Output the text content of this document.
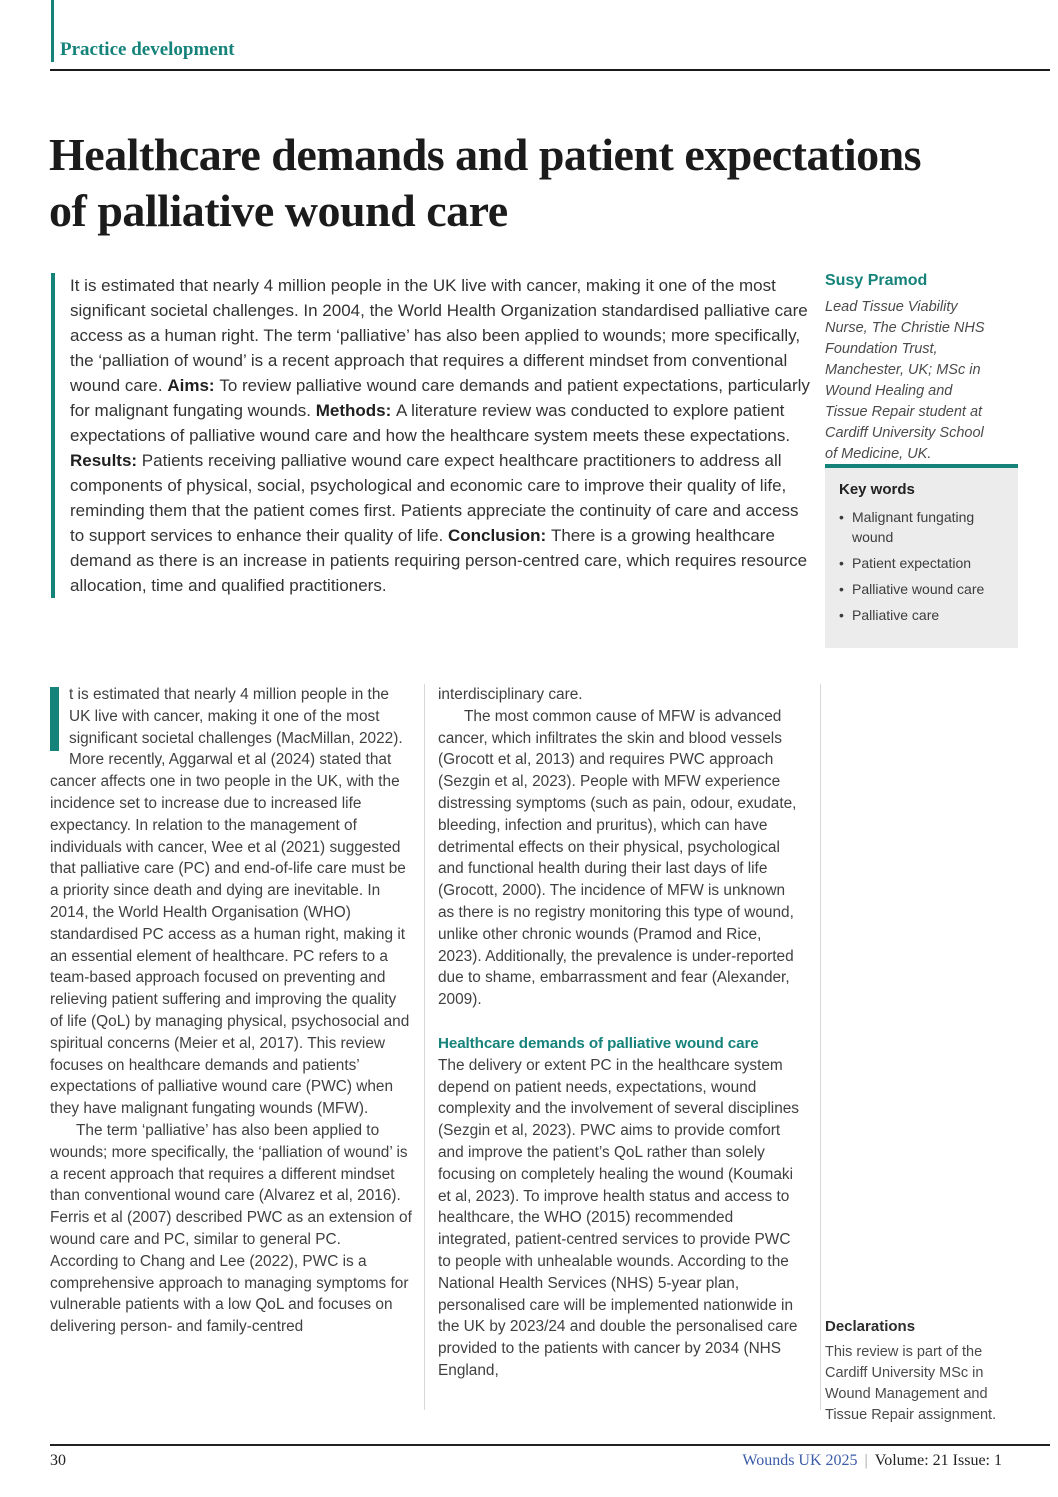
Practice development
Healthcare demands and patient expectations of palliative wound care
It is estimated that nearly 4 million people in the UK live with cancer, making it one of the most significant societal challenges. In 2004, the World Health Organization standardised palliative care access as a human right. The term ‘palliative’ has also been applied to wounds; more specifically, the ‘palliation of wound’ is a recent approach that requires a different mindset from conventional wound care. Aims: To review palliative wound care demands and patient expectations, particularly for malignant fungating wounds. Methods: A literature review was conducted to explore patient expectations of palliative wound care and how the healthcare system meets these expectations. Results: Patients receiving palliative wound care expect healthcare practitioners to address all components of physical, social, psychological and economic care to improve their quality of life, reminding them that the patient comes first. Patients appreciate the continuity of care and access to support services to enhance their quality of life. Conclusion: There is a growing healthcare demand as there is an increase in patients requiring person-centred care, which requires resource allocation, time and qualified practitioners.
Susy Pramod
Lead Tissue Viability Nurse, The Christie NHS Foundation Trust, Manchester, UK; MSc in Wound Healing and Tissue Repair student at Cardiff University School of Medicine, UK.
Key words
• Malignant fungating wound
• Patient expectation
• Palliative wound care
• Palliative care

t is estimated that nearly 4 million people in the UK live with cancer, making it one of the most significant societal challenges (MacMillan, 2022). More recently, Aggarwal et al (2024) stated that cancer affects one in two people in the UK, with the incidence set to increase due to increased life expectancy. In relation to the management of individuals with cancer, Wee et al (2021) suggested that palliative care (PC) and end-of-life care must be a priority since death and dying are inevitable. In 2014, the World Health Organisation (WHO) standardised PC access as a human right, making it an essential element of healthcare. PC refers to a team-based approach focused on preventing and relieving patient suffering and improving the quality of life (QoL) by managing physical, psychosocial and spiritual concerns (Meier et al, 2017). This review focuses on healthcare demands and patients’ expectations of palliative wound care (PWC) when they have malignant fungating wounds (MFW).

The term ‘palliative’ has also been applied to wounds; more specifically, the ‘palliation of wound’ is a recent approach that requires a different mindset than conventional wound care (Alvarez et al, 2016). Ferris et al (2007) described PWC as an extension of wound care and PC, similar to general PC. According to Chang and Lee (2022), PWC is a comprehensive approach to managing symptoms for vulnerable patients with a low QoL and focuses on delivering person- and family-centred

interdisciplinary care.

The most common cause of MFW is advanced cancer, which infiltrates the skin and blood vessels (Grocott et al, 2013) and requires PWC approach (Sezgin et al, 2023). People with MFW experience distressing symptoms (such as pain, odour, exudate, bleeding, infection and pruritus), which can have detrimental effects on their physical, psychological and functional health during their last days of life (Grocott, 2000). The incidence of MFW is unknown as there is no registry monitoring this type of wound, unlike other chronic wounds (Pramod and Rice, 2023). Additionally, the prevalence is under-reported due to shame, embarrassment and fear (Alexander, 2009).

Healthcare demands of palliative wound care

The delivery or extent PC in the healthcare system depend on patient needs, expectations, wound complexity and the involvement of several disciplines (Sezgin et al, 2023). PWC aims to provide comfort and improve the patient’s QoL rather than solely focusing on completely healing the wound (Koumaki et al, 2023). To improve health status and access to healthcare, the WHO (2015) recommended integrated, patient-centred services to provide PWC to people with unhealable wounds. According to the National Health Services (NHS) 5-year plan, personalised care will be implemented nationwide in the UK by 2023/24 and double the personalised care provided to the patients with cancer by 2034 (NHS England,

Declarations
This review is part of the Cardiff University MSc in Wound Management and Tissue Repair assignment.
30	Wounds UK 2025 | Volume: 21 Issue: 1
